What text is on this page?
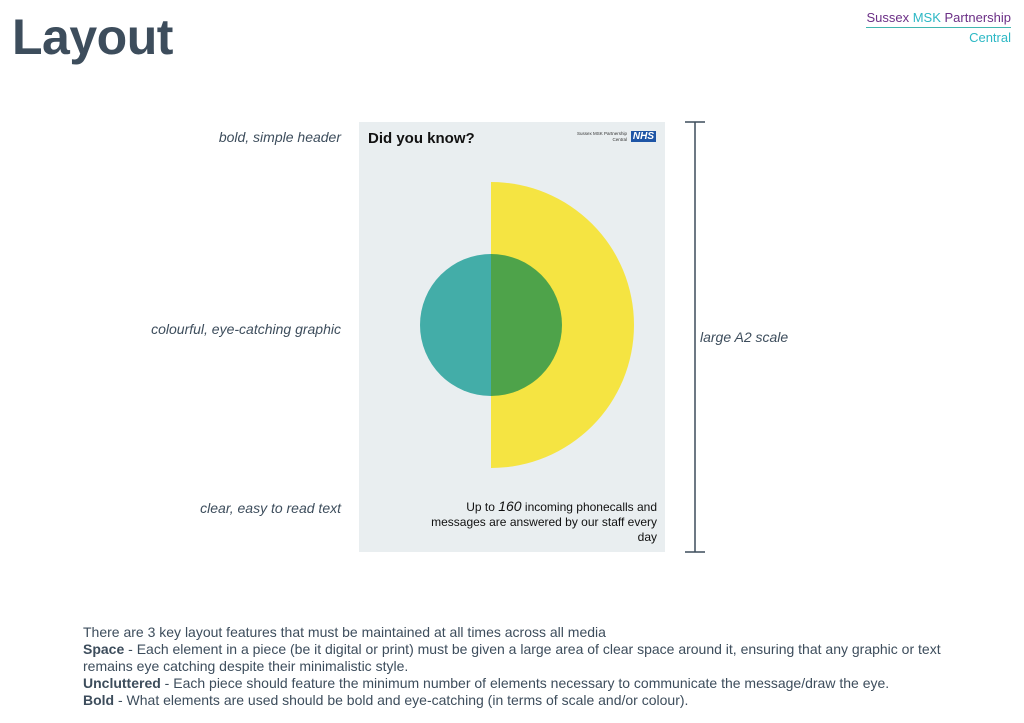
Layout	Sussex MSK Partnership
Central
bold, simple header
colourful, eye-catching graphic
clear, easy to read text
Did you know?	Sussex MSK Partnership
Central NHS
Up to 160 incoming phonecalls and messages are answered by our staff every day
large A2 scale

There are 3 key layout features that must be maintained at all times across all media

Space - Each element in a piece (be it digital or print) must be given a large area of clear space around it, ensuring that any graphic or text remains eye catching despite their minimalistic style.

Uncluttered - Each piece should feature the minimum number of elements necessary to communicate the message/draw the eye.

Bold - What elements are used should be bold and eye-catching (in terms of scale and/or colour).
